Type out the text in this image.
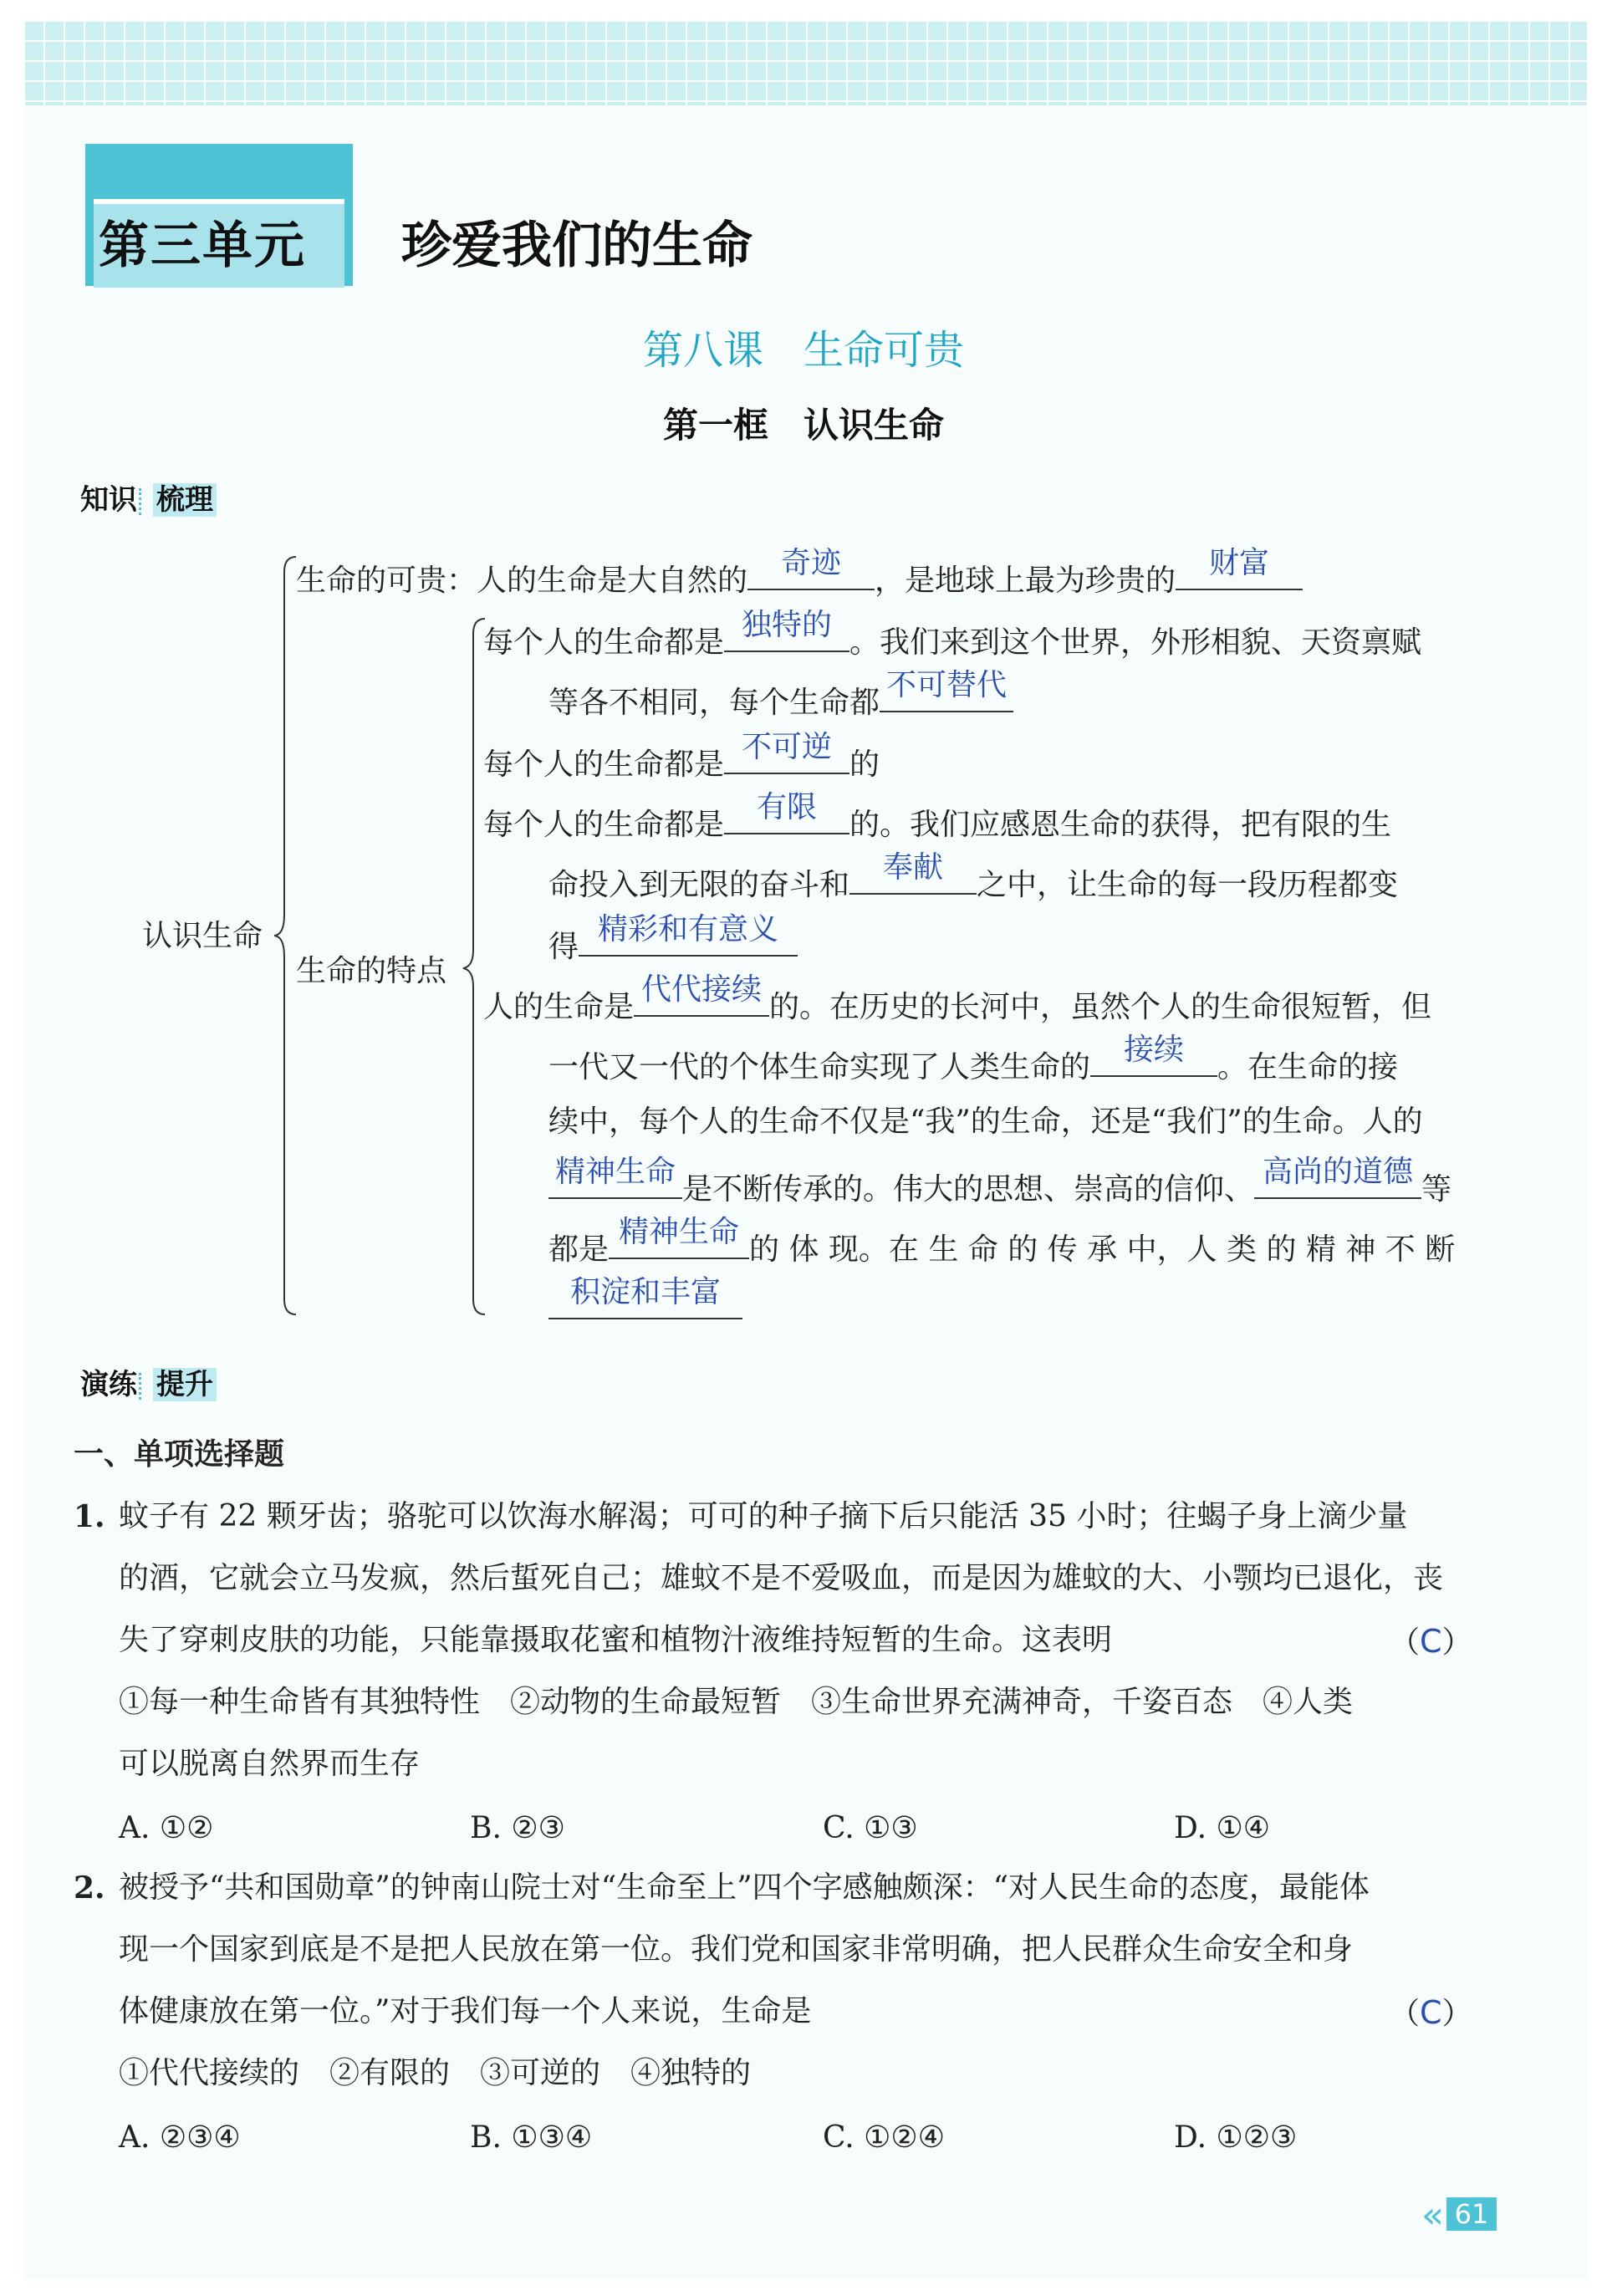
第三单元 珍爱我们的生命
第八课　生命可贵
第一框　认识生命
知识 梳理
认识生命
生命的可贵：人的生命是大自然的
奇迹
，是地球上最为珍贵的
财富
生命的特点
每个人的生命都是
独特的
。我们来到这个世界，外形相貌、天资禀赋
等各不相同，每个生命都
不可替代
每个人的生命都是
不可逆
的
每个人的生命都是
有限
的。我们应感恩生命的获得，把有限的生
命投入到无限的奋斗和
奉献
之中，让生命的每一段历程都变
得
精彩和有意义
人的生命是
代代接续
的。在历史的长河中，虽然个人的生命很短暂，但
一代又一代的个体生命实现了人类生命的
接续
。在生命的接
续中，每个人的生命不仅是“我”的生命，还是“我们”的生命。人的
精神生命
是不断传承的。伟大的思想、崇高的信仰、
高尚的道德
等
都是
精神生命
的 体 现。在 生 命 的 传 承 中，人 类 的 精 神 不 断
积淀和丰富
演练 提升
一、单项选择题
1. 蚊子有 22 颗牙齿；骆驼可以饮海水解渴；可可的种子摘下后只能活 35 小时；往蝎子身上滴少量
的酒，它就会立马发疯，然后蜇死自己；雄蚊不是不爱吸血，而是因为雄蚊的大、小颚均已退化，丧
失了穿刺皮肤的功能，只能靠摄取花蜜和植物汁液维持短暂的生命。这表明	（C）
①每一种生命皆有其独特性　②动物的生命最短暂　③生命世界充满神奇，千姿百态　④人类
可以脱离自然界而生存
A. ①②	B. ②③	C. ①③	D. ①④
2. 被授予“共和国勋章”的钟南山院士对“生命至上”四个字感触颇深：“对人民生命的态度，最能体
现一个国家到底是不是把人民放在第一位。我们党和国家非常明确，把人民群众生命安全和身
体健康放在第一位。”对于我们每一个人来说，生命是	（C）
①代代接续的　②有限的　③可逆的　④独特的
A. ②③④	B. ①③④	C. ①②④	D. ①②③
« 61
